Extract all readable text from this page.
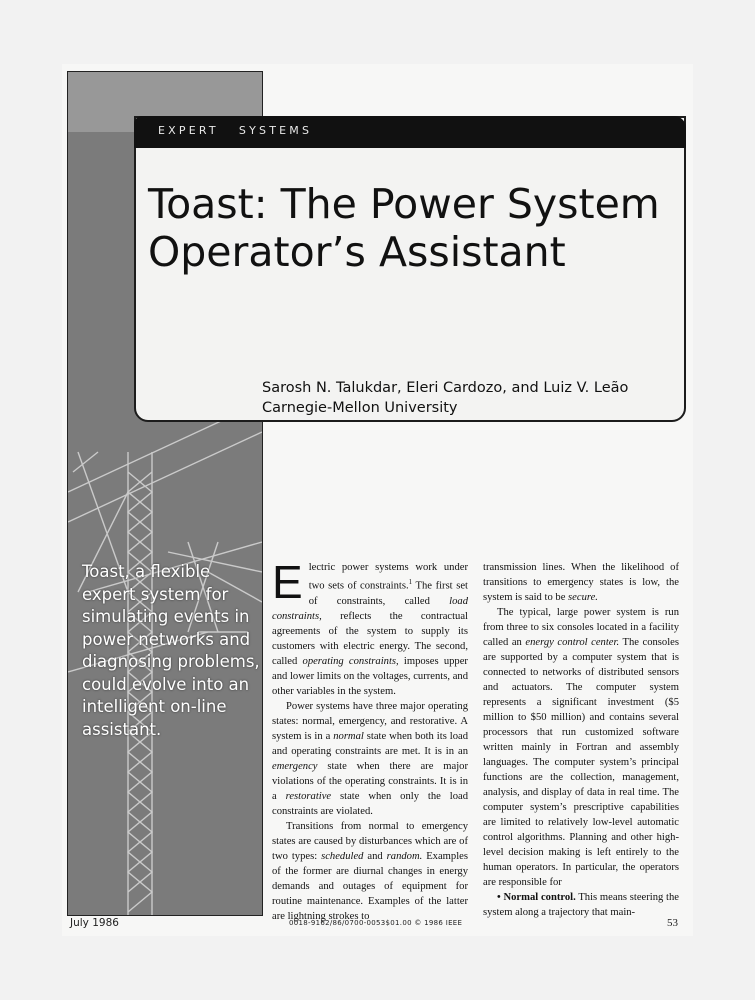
EXPERT   SYSTEMS
Toast: The Power System
Operator’s Assistant
Sarosh N. Talukdar, Eleri Cardozo, and Luiz V. Leão
Carnegie-Mellon University

Toast, a flexible
expert system for
simulating events in
power networks and
diagnosing problems,
could evolve into an
intelligent on-line
assistant.

Electric power systems work under two sets of constraints.$^1$ The first set of constraints, called load constraints, reflects the contractual agreements of the system to supply its customers with electric energy. The second, called operating constraints, imposes upper and lower limits on the voltages, currents, and other variables in the system.

Power systems have three major operating states: normal, emergency, and restorative. A system is in a normal state when both its load and operating constraints are met. It is in an emergency state when there are major violations of the operating constraints. It is in a restorative state when only the load constraints are violated.

Transitions from normal to emergency states are caused by disturbances which are of two types: scheduled and random. Examples of the former are diurnal changes in energy demands and outages of equipment for routine maintenance. Examples of the latter are lightning strokes to

transmission lines. When the likelihood of transitions to emergency states is low, the system is said to be secure.

The typical, large power system is run from three to six consoles located in a facility called an energy control center. The consoles are supported by a computer system that is connected to networks of distributed sensors and actuators. The computer system represents a significant investment ($5 million to $50 million) and contains several processors that run customized software written mainly in Fortran and assembly languages. The computer system’s principal functions are the collection, management, analysis, and display of data in real time. The computer system’s prescriptive capabilities are limited to relatively low-level automatic control algorithms. Planning and other high-level decision making is left entirely to the human operators. In particular, the operators are responsible for

• Normal control. This means steering the system along a trajectory that main-

July 1986	0018-9162/86/0700-0053$01.00 © 1986 IEEE	53
